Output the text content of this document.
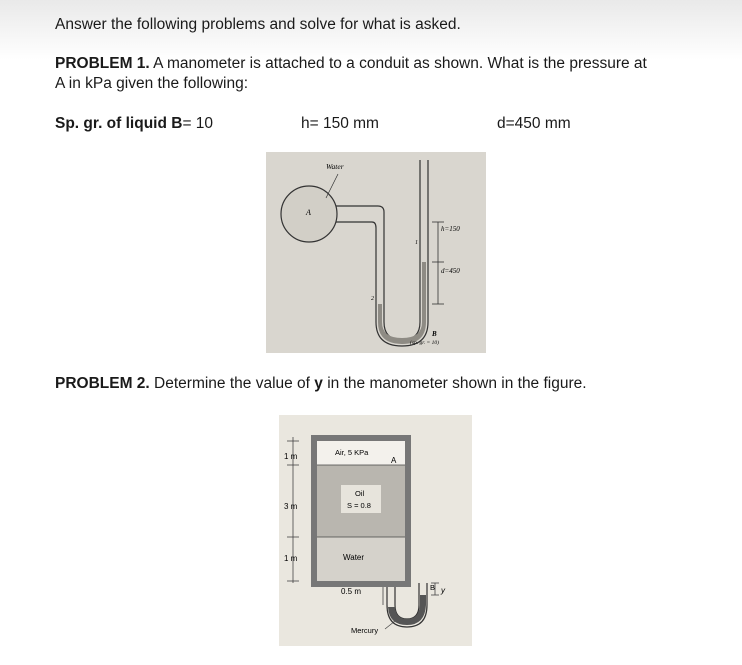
Answer the following problems and solve for what is asked.
PROBLEM 1. A manometer is attached to a conduit as shown. What is the pressure at
A in kPa given the following:
Sp. gr. of liquid B= 10	h= 150 mm	d=450 mm
Water
A
h=150
d=450
1
2
B
(sp. gr. = 10)
PROBLEM 2. Determine the value of y in the manometer shown in the figure.
1 m
3 m
1 m
Air, 5 KPa
A
Oil
S = 0.8
Water
0.5 m	B y
Mercury
